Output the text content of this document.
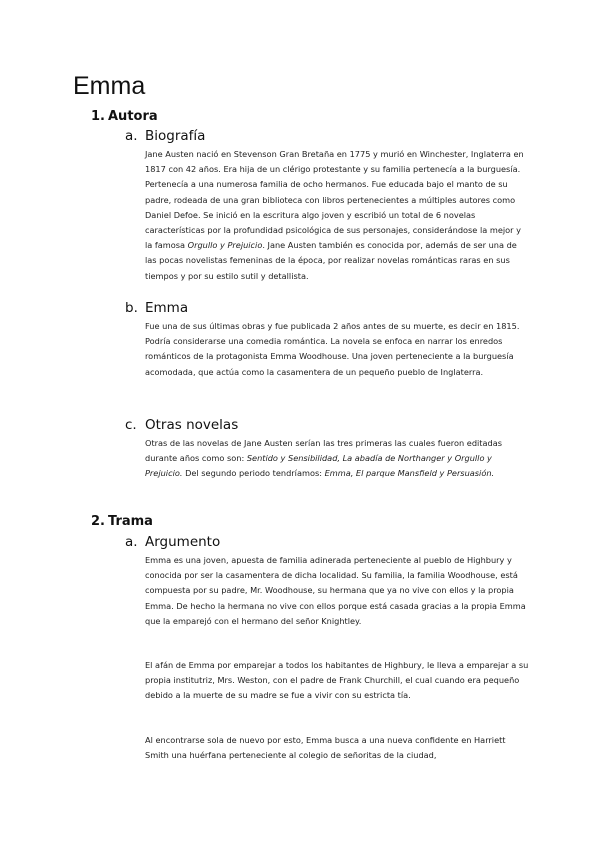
Emma
1. Autora
a. Biografía

Jane Austen nació en Stevenson Gran Bretaña en 1775 y murió en Winchester, Inglaterra en 1817 con 42 años. Era hija de un clérigo protestante y su familia pertenecía a la burguesía. Pertenecía a una numerosa familia de ocho hermanos. Fue educada bajo el manto de su padre, rodeada de una gran biblioteca con libros pertenecientes a múltiples autores como Daniel Defoe. Se inició en la escritura algo joven y escribió un total de 6 novelas características por la profundidad psicológica de sus personajes, considerándose la mejor y la famosa Orgullo y Prejuicio. Jane Austen también es conocida por, además de ser una de las pocas novelistas femeninas de la época, por realizar novelas románticas raras en sus tiempos y por su estilo sutil y detallista.

b. Emma

Fue una de sus últimas obras y fue publicada 2 años antes de su muerte, es decir en 1815. Podría considerarse una comedia romántica. La novela se enfoca en narrar los enredos románticos de la protagonista Emma Woodhouse. Una joven perteneciente a la burguesía acomodada, que actúa como la casamentera de un pequeño pueblo de Inglaterra.

c. Otras novelas

Otras de las novelas de Jane Austen serían las tres primeras las cuales fueron editadas durante años como son: Sentido y Sensibilidad, La abadía de Northanger y Orgullo y Prejuicio. Del segundo periodo tendríamos: Emma, El parque Mansfield y Persuasión.

2. Trama
a. Argumento

Emma es una joven, apuesta de familia adinerada perteneciente al pueblo de Highbury y conocida por ser la casamentera de dicha localidad. Su familia, la familia Woodhouse, está compuesta por su padre, Mr. Woodhouse, su hermana que ya no vive con ellos y la propia Emma. De hecho la hermana no vive con ellos porque está casada gracias a la propia Emma que la emparejó con el hermano del señor Knightley.

El afán de Emma por emparejar a todos los habitantes de Highbury, le lleva a emparejar a su propia institutriz, Mrs. Weston, con el padre de Frank Churchill, el cual cuando era pequeño debido a la muerte de su madre se fue a vivir con su estricta tía.

Al encontrarse sola de nuevo por esto, Emma busca a una nueva confidente en Harriett Smith una huérfana perteneciente al colegio de señoritas de la ciudad,
